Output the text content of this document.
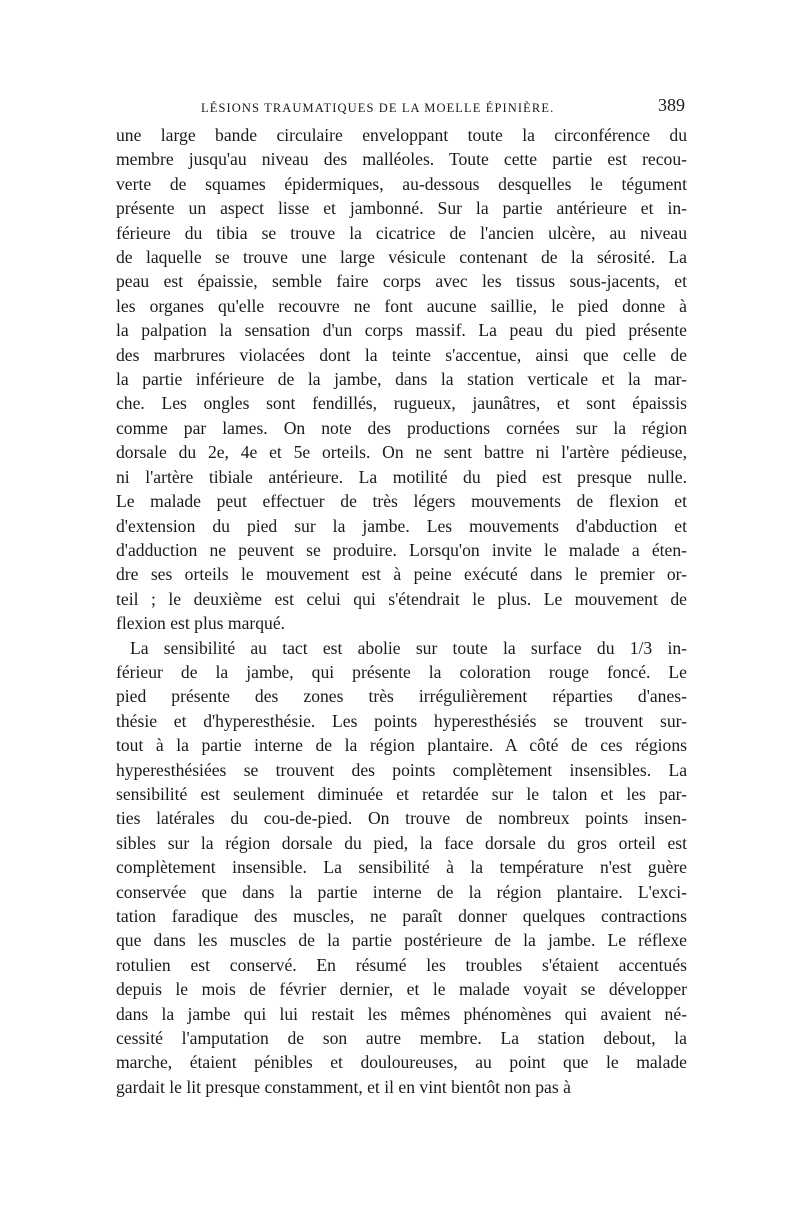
LÉSIONS TRAUMATIQUES DE LA MOELLE ÉPINIÈRE.	389

une large bande circulaire enveloppant toute la circonférence du
membre jusqu'au niveau des malléoles. Toute cette partie est recou-
verte de squames épidermiques, au-dessous desquelles le tégument
présente un aspect lisse et jambonné. Sur la partie antérieure et in-
férieure du tibia se trouve la cicatrice de l'ancien ulcère, au niveau
de laquelle se trouve une large vésicule contenant de la sérosité. La
peau est épaissie, semble faire corps avec les tissus sous-jacents, et
les organes qu'elle recouvre ne font aucune saillie, le pied donne à
la palpation la sensation d'un corps massif. La peau du pied présente
des marbrures violacées dont la teinte s'accentue, ainsi que celle de
la partie inférieure de la jambe, dans la station verticale et la mar-
che. Les ongles sont fendillés, rugueux, jaunâtres, et sont épaissis
comme par lames. On note des productions cornées sur la région
dorsale du 2e, 4e et 5e orteils. On ne sent battre ni l'artère pédieuse,
ni l'artère tibiale antérieure. La motilité du pied est presque nulle.
Le malade peut effectuer de très légers mouvements de flexion et
d'extension du pied sur la jambe. Les mouvements d'abduction et
d'adduction ne peuvent se produire. Lorsqu'on invite le malade a éten-
dre ses orteils le mouvement est à peine exécuté dans le premier or-
teil ; le deuxième est celui qui s'étendrait le plus. Le mouvement de
flexion est plus marqué.

La sensibilité au tact est abolie sur toute la surface du 1/3 in-
férieur de la jambe, qui présente la coloration rouge foncé. Le
pied présente des zones très irrégulièrement réparties d'anes-
thésie et d'hyperesthésie. Les points hyperesthésiés se trouvent sur-
tout à la partie interne de la région plantaire. A côté de ces régions
hyperesthésiées se trouvent des points complètement insensibles. La
sensibilité est seulement diminuée et retardée sur le talon et les par-
ties latérales du cou-de-pied. On trouve de nombreux points insen-
sibles sur la région dorsale du pied, la face dorsale du gros orteil est
complètement insensible. La sensibilité à la température n'est guère
conservée que dans la partie interne de la région plantaire. L'exci-
tation faradique des muscles, ne paraît donner quelques contractions
que dans les muscles de la partie postérieure de la jambe. Le réflexe
rotulien est conservé. En résumé les troubles s'étaient accentués
depuis le mois de février dernier, et le malade voyait se développer
dans la jambe qui lui restait les mêmes phénomènes qui avaient né-
cessité l'amputation de son autre membre. La station debout, la
marche, étaient pénibles et douloureuses, au point que le malade
gardait le lit presque constamment, et il en vint bientôt non pas à
